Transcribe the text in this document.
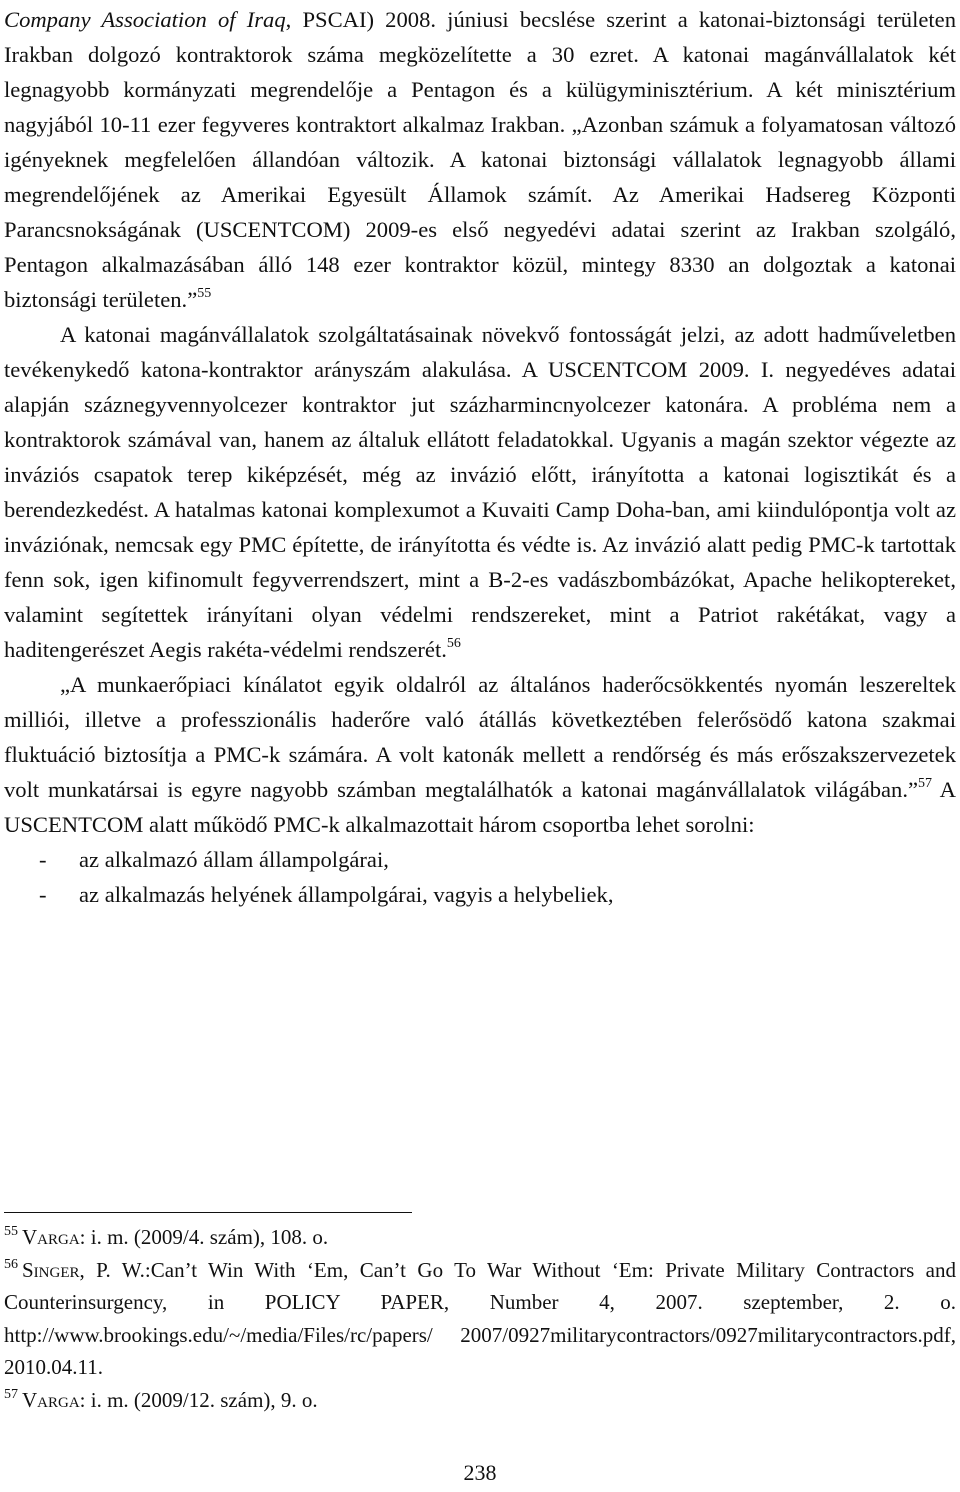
Company Association of Iraq, PSCAI) 2008. júniusi becslése szerint a katonai-biztonsági területen Irakban dolgozó kontraktorok száma megközelítette a 30 ezret. A katonai magánvállalatok két legnagyobb kormányzati megrendelője a Pentagon és a külügyminisztérium. A két minisztérium nagyjából 10-11 ezer fegyveres kontraktort alkalmaz Irakban. „Azonban számuk a folyamatosan változó igényeknek megfelelően állandóan változik. A katonai biztonsági vállalatok legnagyobb állami megrendelőjének az Amerikai Egyesült Államok számít. Az Amerikai Hadsereg Központi Parancsnokságának (USCENTCOM) 2009-es első negyedévi adatai szerint az Irakban szolgáló, Pentagon alkalmazásában álló 148 ezer kontraktor közül, mintegy 8330 an dolgoztak a katonai biztonsági területen.”$^{55}$

A katonai magánvállalatok szolgáltatásainak növekvő fontosságát jelzi, az adott hadműveletben tevékenykedő katona-kontraktor arányszám alakulása. A USCENTCOM 2009. I. negyedéves adatai alapján száznegyvennyolcezer kontraktor jut százharmincnyolcezer katonára. A probléma nem a kontraktorok számával van, hanem az általuk ellátott feladatokkal. Ugyanis a magán szektor végezte az inváziós csapatok terep kiképzését, még az invázió előtt, irányította a katonai logisztikát és a berendezkedést. A hatalmas katonai komplexumot a Kuvaiti Camp Doha-ban, ami kiindulópontja volt az inváziónak, nemcsak egy PMC építette, de irányította és védte is. Az invázió alatt pedig PMC-k tartottak fenn sok, igen kifinomult fegyverrendszert, mint a B-2-es vadászbombázókat, Apache helikoptereket, valamint segítettek irányítani olyan védelmi rendszereket, mint a Patriot rakétákat, vagy a haditengerészet Aegis rakéta-védelmi rendszerét.$^{56}$

„A munkaerőpiaci kínálatot egyik oldalról az általános haderőcsökkentés nyomán leszereltek milliói, illetve a professzionális haderőre való átállás következtében felerősödő katona szakmai fluktuáció biztosítja a PMC-k számára. A volt katonák mellett a rendőrség és más erőszakszervezetek volt munkatársai is egyre nagyobb számban megtalálhatók a katonai magánvállalatok világában.”$^{57}$ A USCENTCOM alatt működő PMC-k alkalmazottait három csoportba lehet sorolni:

-	az alkalmazó állam állampolgárai,
-	az alkalmazás helyének állampolgárai, vagyis a helybeliek,

$^{55}$ Varga: i. m. (2009/4. szám), 108. o.

$^{56}$ Singer, P. W.:Can’t Win With ‘Em, Can’t Go To War Without ‘Em: Private Military Contractors and Counterinsurgency, in POLICY PAPER, Number 4, 2007. szeptember, 2. o. http://www.brookings.edu/~/media/Files/rc/papers/ 2007/0927militarycontractors/0927militarycontractors.pdf, 2010.04.11.

$^{57}$ Varga: i. m. (2009/12. szám), 9. o.

238
